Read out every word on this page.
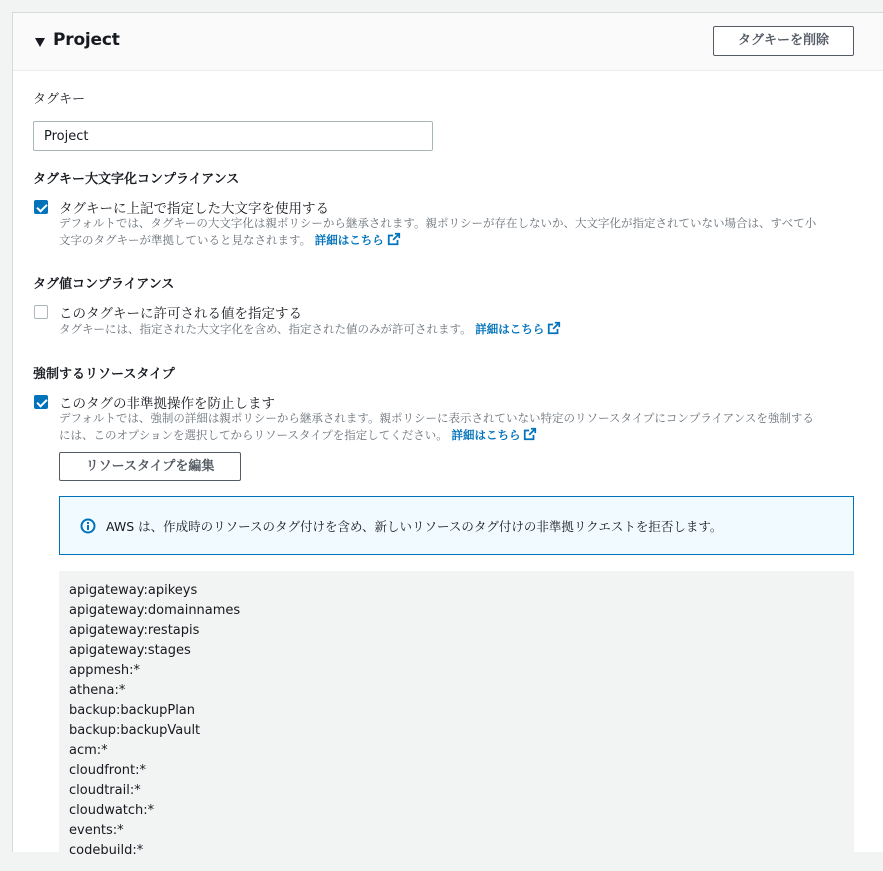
Project	タグキーを削除
タグキー
Project
タグキー大文字化コンプライアンス
タグキーに上記で指定した大文字を使用する
デフォルトでは、タグキーの大文字化は親ポリシーから継承されます。親ポリシーが存在しないか、大文字化が指定されていない場合は、すべて小
文字のタグキーが準拠していると見なされます。 詳細はこちら
タグ値コンプライアンス
このタグキーに許可される値を指定する
タグキーには、指定された大文字化を含め、指定された値のみが許可されます。 詳細はこちら
強制するリソースタイプ
このタグの非準拠操作を防止します
デフォルトでは、強制の詳細は親ポリシーから継承されます。親ポリシーに表示されていない特定のリソースタイプにコンプライアンスを強制する
には、このオプションを選択してからリソースタイプを指定してください。 詳細はこちら
リソースタイプを編集
AWS は、作成時のリソースのタグ付けを含め、新しいリソースのタグ付けの非準拠リクエストを拒否します。
apigateway:apikeys
apigateway:domainnames
apigateway:restapis
apigateway:stages
appmesh:*
athena:*
backup:backupPlan
backup:backupVault
acm:*
cloudfront:*
cloudtrail:*
cloudwatch:*
events:*
codebuild:*
